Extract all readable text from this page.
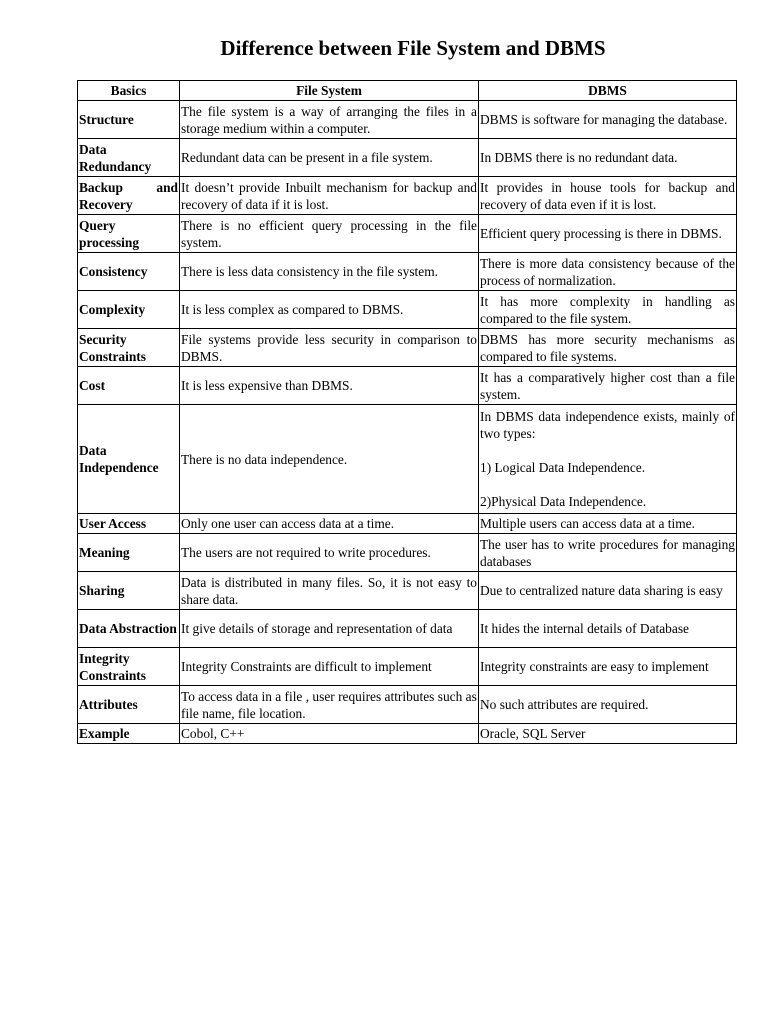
Difference between File System and DBMS
Basics	File System	DBMS
Structure	The file system is a way of arranging the files in a storage medium within a computer.	DBMS is software for managing the database.
Data Redundancy	Redundant data can be present in a file system.	In DBMS there is no redundant data.
Backup and Recovery	It doesn’t provide Inbuilt mechanism for backup and recovery of data if it is lost.	It provides in house tools for backup and recovery of data even if it is lost.
Query processing	There is no efficient query processing in the file system.	Efficient query processing is there in DBMS.
Consistency	There is less data consistency in the file system.	There is more data consistency because of the process of normalization.
Complexity	It is less complex as compared to DBMS.	It has more complexity in handling as compared to the file system.
Security Constraints	File systems provide less security in comparison to DBMS.	DBMS has more security mechanisms as compared to file systems.
Cost	It is less expensive than DBMS.	It has a comparatively higher cost than a file system.
Data Independence	There is no data independence.	In DBMS data independence exists, mainly of two types:
1) Logical Data Independence.
2)Physical Data Independence.

User Access	Only one user can access data at a time.	Multiple users can access data at a time.
Meaning	The users are not required to write procedures.	The user has to write procedures for managing databases
Sharing	Data is distributed in many files. So, it is not easy to share data.	Due to centralized nature data sharing is easy
Data Abstraction	It give details of storage and representation of data	It hides the internal details of Database
Integrity Constraints	Integrity Constraints are difficult to implement	Integrity constraints are easy to implement
Attributes	To access data in a file , user requires attributes such as file name, file location.	No such attributes are required.
Example	Cobol, C++	Oracle, SQL Server
